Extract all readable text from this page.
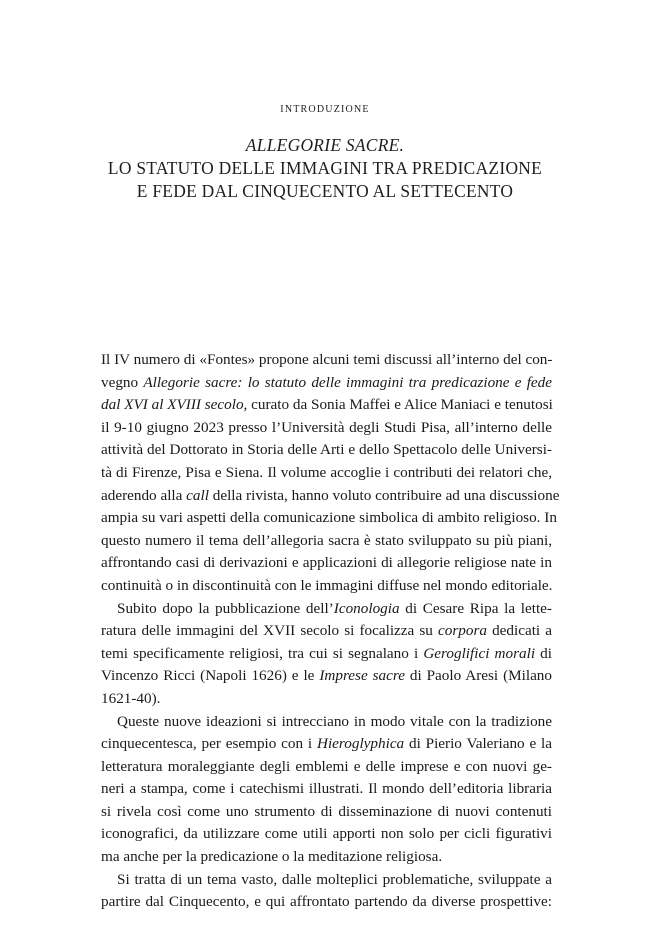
INTRODUZIONE
ALLEGORIE SACRE.
LO STATUTO DELLE IMMAGINI TRA PREDICAZIONE
E FEDE DAL CINQUECENTO AL SETTECENTO
Il IV numero di «Fontes» propone alcuni temi discussi all’interno del con-
vegno Allegorie sacre: lo statuto delle immagini tra predicazione e fede
dal XVI al XVIII secolo, curato da Sonia Maffei e Alice Maniaci e tenutosi
il 9-10 giugno 2023 presso l’Università degli Studi Pisa, all’interno delle
attività del Dottorato in Storia delle Arti e dello Spettacolo delle Universi-
tà di Firenze, Pisa e Siena. Il volume accoglie i contributi dei relatori che,
aderendo alla call della rivista, hanno voluto contribuire ad una discussione
ampia su vari aspetti della comunicazione simbolica di ambito religioso. In
questo numero il tema dell’allegoria sacra è stato sviluppato su più piani,
affrontando casi di derivazioni e applicazioni di allegorie religiose nate in
continuità o in discontinuità con le immagini diffuse nel mondo editoriale.
Subito dopo la pubblicazione dell’Iconologia di Cesare Ripa la lette-
ratura delle immagini del XVII secolo si focalizza su corpora dedicati a
temi specificamente religiosi, tra cui si segnalano i Geroglifici morali di
Vincenzo Ricci (Napoli 1626) e le Imprese sacre di Paolo Aresi (Milano
1621-40).
Queste nuove ideazioni si intrecciano in modo vitale con la tradizione
cinquecentesca, per esempio con i Hieroglyphica di Pierio Valeriano e la
letteratura moraleggiante degli emblemi e delle imprese e con nuovi ge-
neri a stampa, come i catechismi illustrati. Il mondo dell’editoria libraria
si rivela così come uno strumento di disseminazione di nuovi contenuti
iconografici, da utilizzare come utili apporti non solo per cicli figurativi
ma anche per la predicazione o la meditazione religiosa.
Si tratta di un tema vasto, dalle molteplici problematiche, sviluppate a
partire dal Cinquecento, e qui affrontato partendo da diverse prospettive:
